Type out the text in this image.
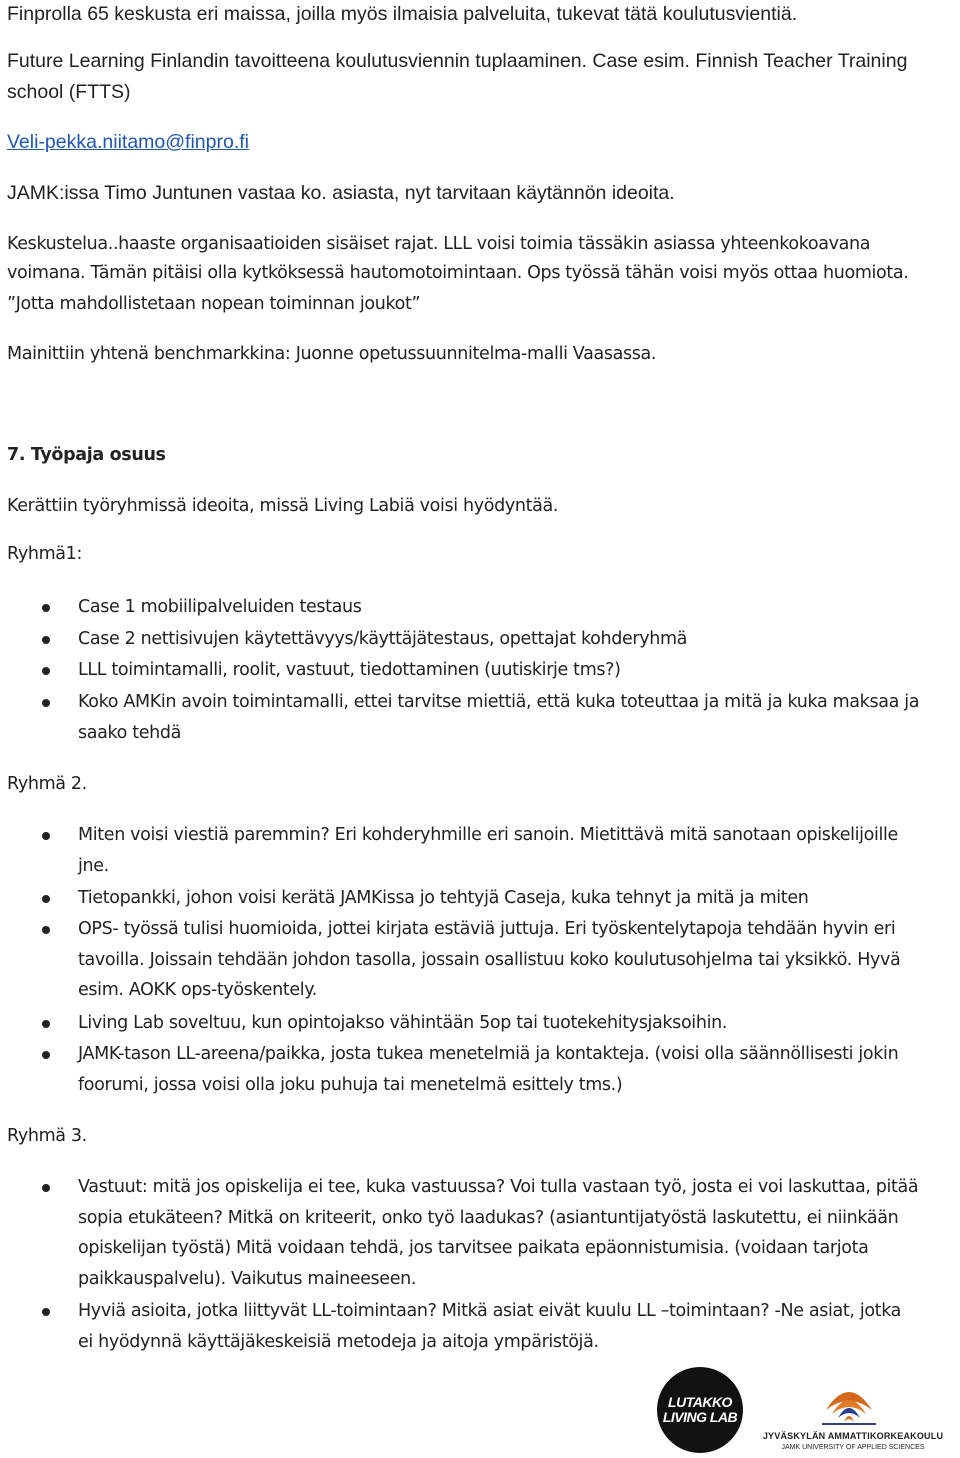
Finprolla 65 keskusta eri maissa, joilla myös ilmaisia palveluita, tukevat tätä koulutusvientiä.
Future Learning Finlandin tavoitteena koulutusviennin tuplaaminen. Case esim. Finnish Teacher Training
school (FTTS)
Veli-pekka.niitamo@finpro.fi
JAMK:issa Timo Juntunen vastaa ko. asiasta, nyt tarvitaan käytännön ideoita.
Keskustelua..haaste organisaatioiden sisäiset rajat. LLL voisi toimia tässäkin asiassa yhteenkokoavana
voimana. Tämän pitäisi olla kytköksessä hautomotoimintaan. Ops työssä tähän voisi myös ottaa huomiota.
”Jotta mahdollistetaan nopean toiminnan joukot”
Mainittiin yhtenä benchmarkkina: Juonne opetussuunnitelma-malli Vaasassa.
7. Työpaja osuus
Kerättiin työryhmissä ideoita, missä Living Labiä voisi hyödyntää.
Ryhmä1:
Case 1 mobiilipalveluiden testaus
Case 2 nettisivujen käytettävyys/käyttäjätestaus, opettajat kohderyhmä
LLL toimintamalli, roolit, vastuut, tiedottaminen (uutiskirje tms?)
Koko AMKin avoin toimintamalli, ettei tarvitse miettiä, että kuka toteuttaa ja mitä ja kuka maksaa ja
saako tehdä
Ryhmä 2.
Miten voisi viestiä paremmin? Eri kohderyhmille eri sanoin. Mietittävä mitä sanotaan opiskelijoille
jne.
Tietopankki, johon voisi kerätä JAMKissa jo tehtyjä Caseja, kuka tehnyt ja mitä ja miten
OPS- työssä tulisi huomioida, jottei kirjata estäviä juttuja. Eri työskentelytapoja tehdään hyvin eri
tavoilla. Joissain tehdään johdon tasolla, jossain osallistuu koko koulutusohjelma tai yksikkö. Hyvä
esim. AOKK ops-työskentely.
Living Lab soveltuu, kun opintojakso vähintään 5op tai tuotekehitysjaksoihin.
JAMK-tason LL-areena/paikka, josta tukea menetelmiä ja kontakteja. (voisi olla säännöllisesti jokin
foorumi, jossa voisi olla joku puhuja tai menetelmä esittely tms.)
Ryhmä 3.
Vastuut: mitä jos opiskelija ei tee, kuka vastuussa? Voi tulla vastaan työ, josta ei voi laskuttaa, pitää
sopia etukäteen? Mitkä on kriteerit, onko työ laadukas? (asiantuntijatyöstä laskutettu, ei niinkään
opiskelijan työstä) Mitä voidaan tehdä, jos tarvitsee paikata epäonnistumisia. (voidaan tarjota
paikkauspalvelu). Vaikutus maineeseen.
Hyviä asioita, jotka liittyvät LL-toimintaan? Mitkä asiat eivät kuulu LL –toimintaan? -Ne asiat, jotka
ei hyödynnä käyttäjäkeskeisiä metodeja ja aitoja ympäristöjä.
LUTAKKO
LIVING LAB
JYVÄSKYLÄN AMMATTIKORKEAKOULU
JAMK UNIVERSITY OF APPLIED SCIENCES
